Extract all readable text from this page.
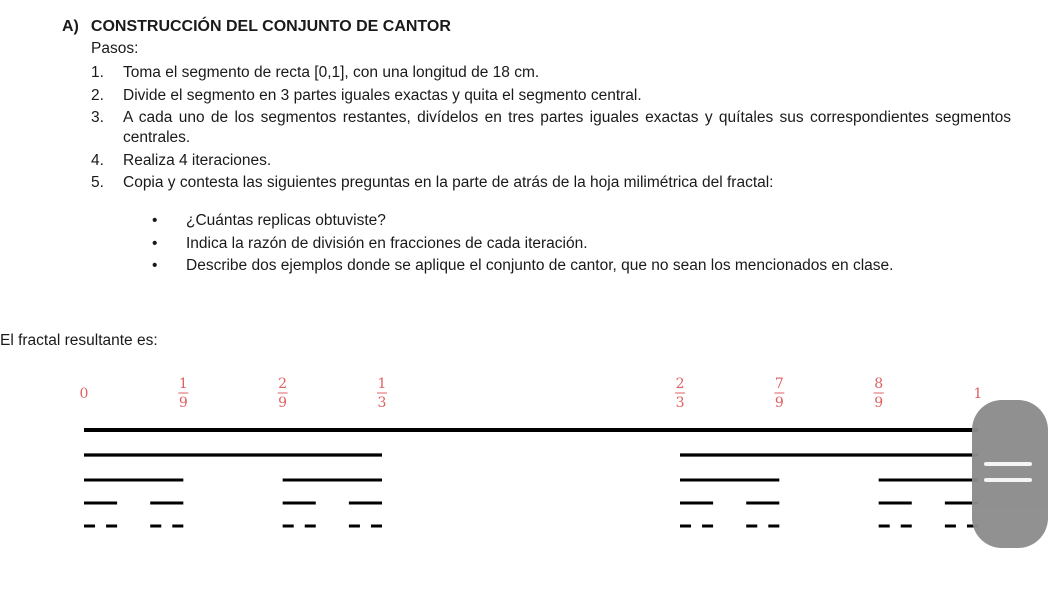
A) CONSTRUCCIÓN DEL CONJUNTO DE CANTOR
Pasos:
1.	Toma el segmento de recta [0,1], con una longitud de 18 cm.
2.	Divide el segmento en 3 partes iguales exactas y quita el segmento central.
3.	A cada uno de los segmentos restantes, divídelos en tres partes iguales exactas y quítales sus correspondientes segmentos centrales.
4.	Realiza 4 iteraciones.
5.	Copia y contesta las siguientes preguntas en la parte de atrás de la hoja milimétrica del fractal:
•	¿Cuántas replicas obtuviste?
•	Indica la razón de división en fracciones de cada iteración.
•	Describe dos ejemplos donde se aplique el conjunto de cantor, que no sean los mencionados en clase.
El fractal resultante es:
0
1
9
2
9
1
3
2
3
7
9
8
9
1
